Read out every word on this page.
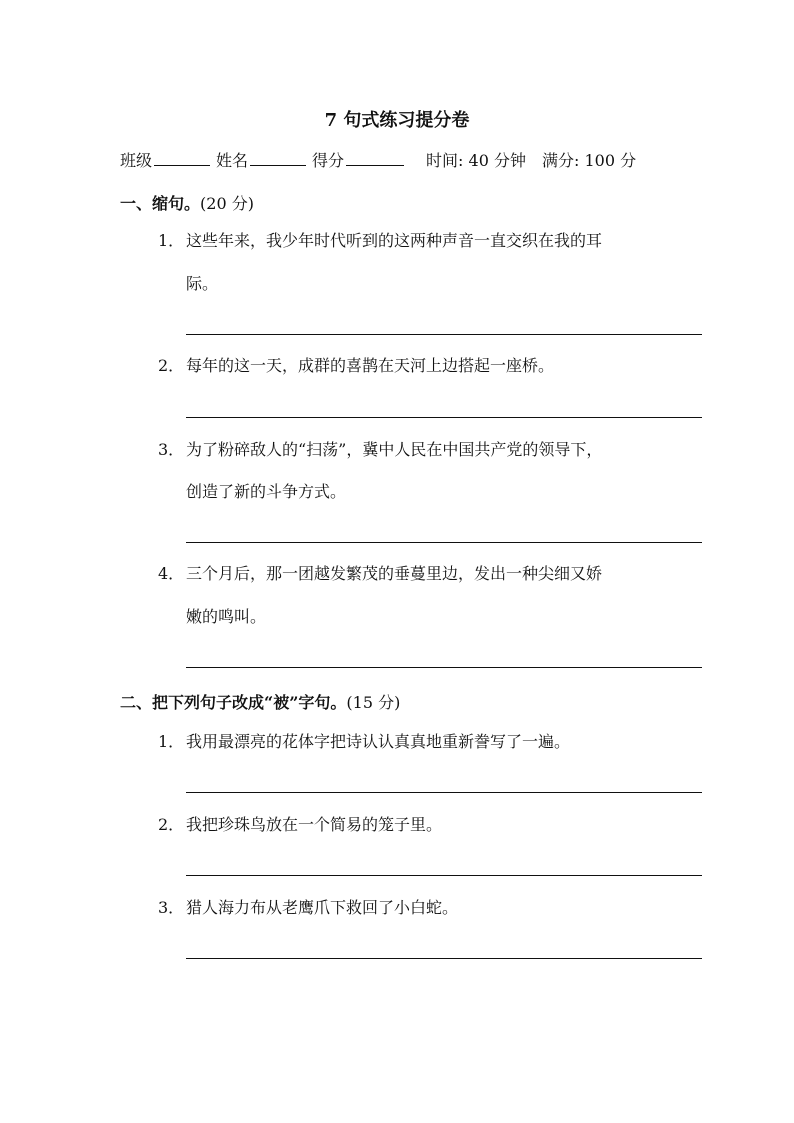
7 句式练习提分卷
班级	姓名	得分	时间: 40 分钟 满分: 100 分
一、缩句。(20 分)
1． 这些年来，我少年时代听到的这两种声音一直交织在我的耳
际。
2． 每年的这一天，成群的喜鹊在天河上边搭起一座桥。
3． 为了粉碎敌人的“扫荡”，冀中人民在中国共产党的领导下，
创造了新的斗争方式。
4． 三个月后，那一团越发繁茂的垂蔓里边，发出一种尖细又娇
嫩的鸣叫。
二、把下列句子改成“被”字句。(15 分)
1． 我用最漂亮的花体字把诗认认真真地重新誊写了一遍。
2． 我把珍珠鸟放在一个简易的笼子里。
3． 猎人海力布从老鹰爪下救回了小白蛇。
